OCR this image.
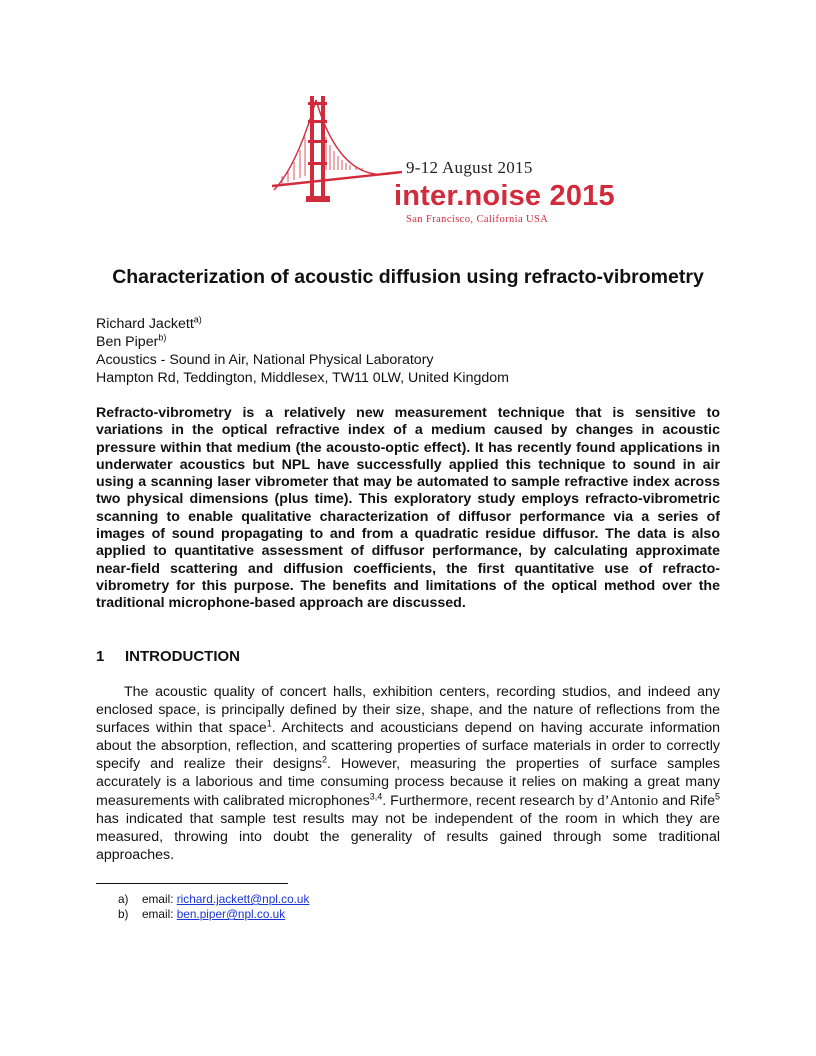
9-12 August 2015
inter.noise 2015
San Francisco, California USA
Characterization of acoustic diffusion using refracto-vibrometry
Richard Jackett$^{a)}$
Ben Piper$^{b)}$
Acoustics - Sound in Air, National Physical Laboratory
Hampton Rd, Teddington, Middlesex, TW11 0LW, United Kingdom
Refracto-vibrometry is a relatively new measurement technique that is sensitive to variations in the optical refractive index of a medium caused by changes in acoustic pressure within that medium (the acousto-optic effect). It has recently found applications in underwater acoustics but NPL have successfully applied this technique to sound in air using a scanning laser vibrometer that may be automated to sample refractive index across two physical dimensions (plus time). This exploratory study employs refracto-vibrometric scanning to enable qualitative characterization of diffusor performance via a series of images of sound propagating to and from a quadratic residue diffusor. The data is also applied to quantitative assessment of diffusor performance, by calculating approximate near-field scattering and diffusion coefficients, the first quantitative use of refracto-vibrometry for this purpose. The benefits and limitations of the optical method over the traditional microphone-based approach are discussed.
1 INTRODUCTION
The acoustic quality of concert halls, exhibition centers, recording studios, and indeed any enclosed space, is principally defined by their size, shape, and the nature of reflections from the surfaces within that space$^1$. Architects and acousticians depend on having accurate information about the absorption, reflection, and scattering properties of surface materials in order to correctly specify and realize their designs$^2$. However, measuring the properties of surface samples accurately is a laborious and time consuming process because it relies on making a great many measurements with calibrated microphones$^{3,4}$. Furthermore, recent research by d’Antonio and Rife$^5$ has indicated that sample test results may not be independent of the room in which they are measured, throwing into doubt the generality of results gained through some traditional approaches.
a) email: richard.jackett@npl.co.uk
b) email: ben.piper@npl.co.uk
